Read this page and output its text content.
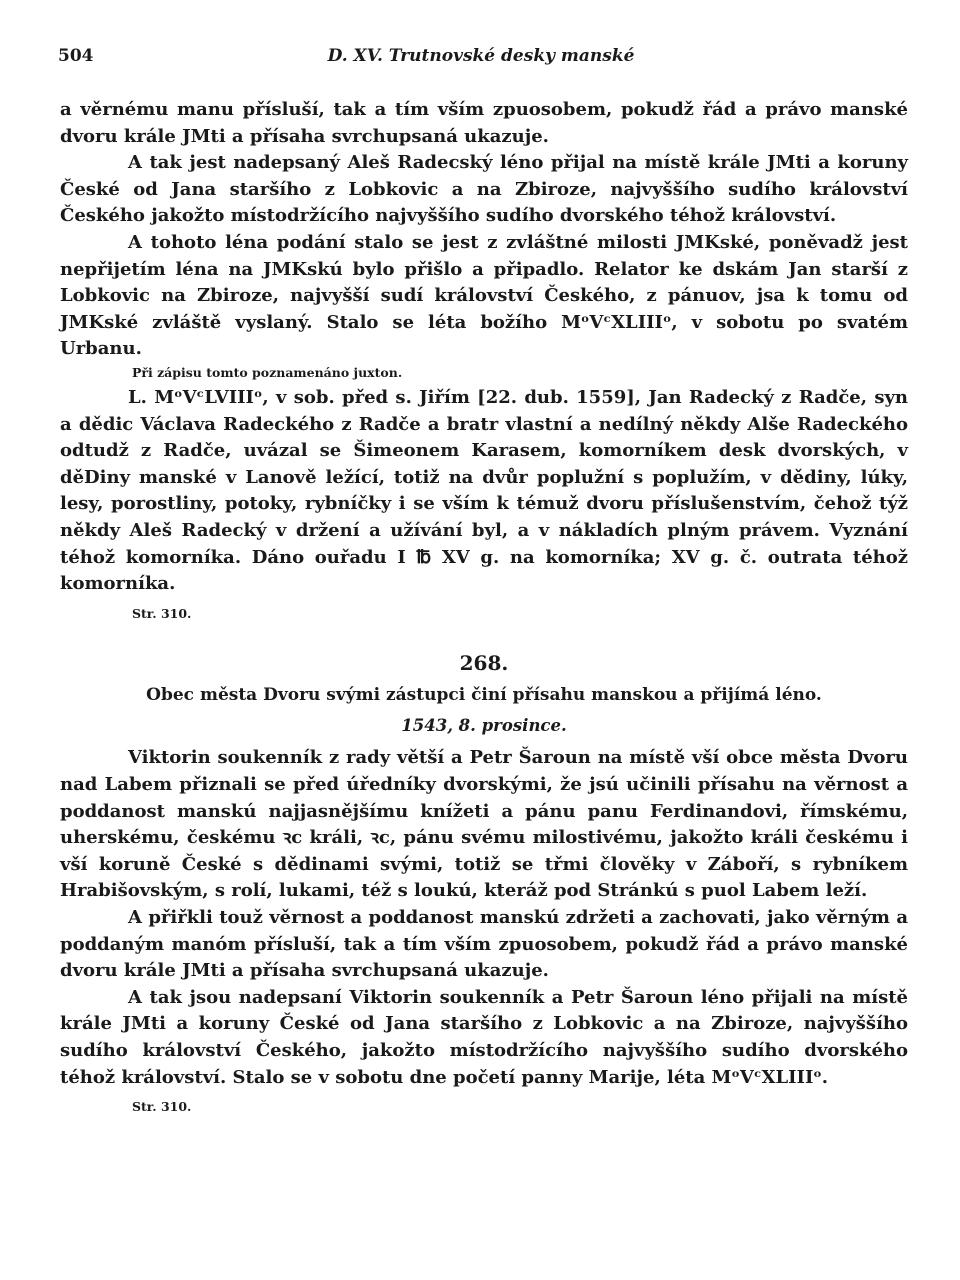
504	D. XV. Trutnovské desky manské

a věrnému manu přísluší, tak a tím vším zpuosobem, pokudž řád a právo manské dvoru krále JMti a přísaha svrchupsaná ukazuje.

A tak jest nadepsaný Aleš Radecský léno přijal na místě krále JMti a koruny České od Jana staršího z Lobkovic a na Zbiroze, najvyššího sudího království Českého jakožto místodržícího najvyššího sudího dvorského téhož království.

A tohoto léna podání stalo se jest z zvláštné milosti JMKské, poněvadž jest nepřijetím léna na JMKskú bylo přišlo a připadlo. Relator ke dskám Jan starší z Lobkovic na Zbiroze, najvyšší sudí království Českého, z pánuov, jsa k tomu od JMKské zvláště vyslaný. Stalo se léta božího MᵒVᶜXLIIIᵒ, v sobotu po svatém Urbanu.

Při zápisu tomto poznamenáno juxton.

L. MᵒVᶜLVIIIᵒ, v sob. před s. Jiřím [22. dub. 1559], Jan Radecký z Radče, syn a dědic Václava Radeckého z Radče a bratr vlastní a nedílný někdy Alše Radeckého odtudž z Radče, uvázal se Šimeonem Karasem, komorníkem desk dvorských, v děDiny manské v Lanově ležící, totiž na dvůr poplužní s poplužím, v dědiny, lúky, lesy, porostliny, potoky, rybníčky i se vším k témuž dvoru příslušenstvím, čehož týž někdy Aleš Radecký v držení a užívání byl, a v nákladích plným právem. Vyznání téhož komorníka. Dáno ouřadu I ℔ XV g. na komorníka; XV g. č. outrata téhož komorníka.

Str. 310.
268.
Obec města Dvoru svými zástupci činí přísahu manskou a přijímá léno.
1543, 8. prosince.

Viktorin soukenník z rady větší a Petr Šaroun na místě vší obce města Dvoru nad Labem přiznali se před úředníky dvorskými, že jsú učinili přísahu na věrnost a poddanost manskú najjasnějšímu knížeti a pánu panu Ferdinandovi, římskému, uherskému, českému ꝛc králi, ꝛc, pánu svému milostivému, jakožto králi českému i vší koruně České s dědinami svými, totiž se třmi člověky v Záboří, s rybníkem Hrabišovským, s rolí, lukami, též s loukú, kteráž pod Stránkú s puol Labem leží.

A přiřkli touž věrnost a poddanost manskú zdržeti a zachovati, jako věrným a poddaným manóm přísluší, tak a tím vším zpuosobem, pokudž řád a právo manské dvoru krále JMti a přísaha svrchupsaná ukazuje.

A tak jsou nadepsaní Viktorin soukenník a Petr Šaroun léno přijali na místě krále JMti a koruny České od Jana staršího z Lobkovic a na Zbiroze, najvyššího sudího království Českého, jakožto místodržícího najvyššího sudího dvorského téhož království. Stalo se v sobotu dne početí panny Marije, léta MᵒVᶜXLIIIᵒ.

Str. 310.
